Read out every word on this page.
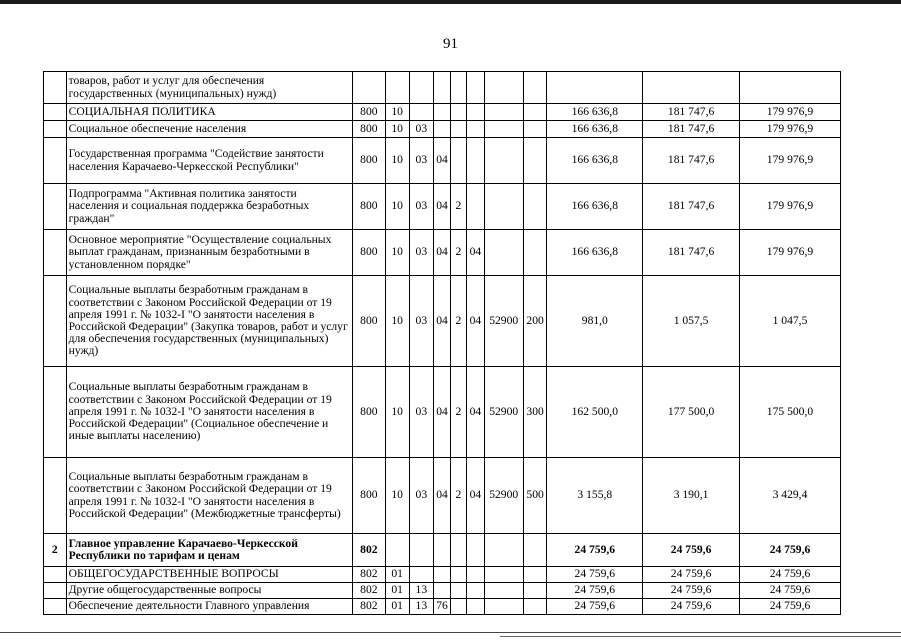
91
	товаров, работ и услуг для обеспечения государственных (муниципальных) нужд)											
	СОЦИАЛЬНАЯ ПОЛИТИКА	800	10							166 636,8	181 747,6	179 976,9
	Социальное обеспечение населения	800	10	03						166 636,8	181 747,6	179 976,9
	Государственная программа "Содействие занятости населения Карачаево-Черкесской Республики"	800	10	03	04					166 636,8	181 747,6	179 976,9
	Подпрограмма "Активная политика занятости населения и социальная поддержка безработных граждан"	800	10	03	04	2				166 636,8	181 747,6	179 976,9
	Основное мероприятие "Осуществление социальных выплат гражданам, признанным безработными в установленном порядке"	800	10	03	04	2	04			166 636,8	181 747,6	179 976,9
	Социальные выплаты безработным гражданам в соответствии с Законом Российской Федерации от 19 апреля 1991 г. № 1032-I "О занятости населения в Российской Федерации" (Закупка товаров, работ и услуг для обеспечения государственных (муниципальных) нужд)	800	10	03	04	2	04	52900	200	981,0	1 057,5	1 047,5
	Социальные выплаты безработным гражданам в соответствии с Законом Российской Федерации от 19 апреля 1991 г. № 1032-I "О занятости населения в Российской Федерации" (Социальное обеспечение и иные выплаты населению)	800	10	03	04	2	04	52900	300	162 500,0	177 500,0	175 500,0
	Социальные выплаты безработным гражданам в соответствии с Законом Российской Федерации от 19 апреля 1991 г. № 1032-I "О занятости населения в Российской Федерации" (Межбюджетные трансферты)	800	10	03	04	2	04	52900	500	3 155,8	3 190,1	3 429,4
2	Главное управление Карачаево-Черкесской Республики по тарифам и ценам	802								24 759,6	24 759,6	24 759,6
	ОБЩЕГОСУДАРСТВЕННЫЕ ВОПРОСЫ	802	01							24 759,6	24 759,6	24 759,6
	Другие общегосударственные вопросы	802	01	13						24 759,6	24 759,6	24 759,6
	Обеспечение деятельности Главного управления	802	01	13	76					24 759,6	24 759,6	24 759,6
